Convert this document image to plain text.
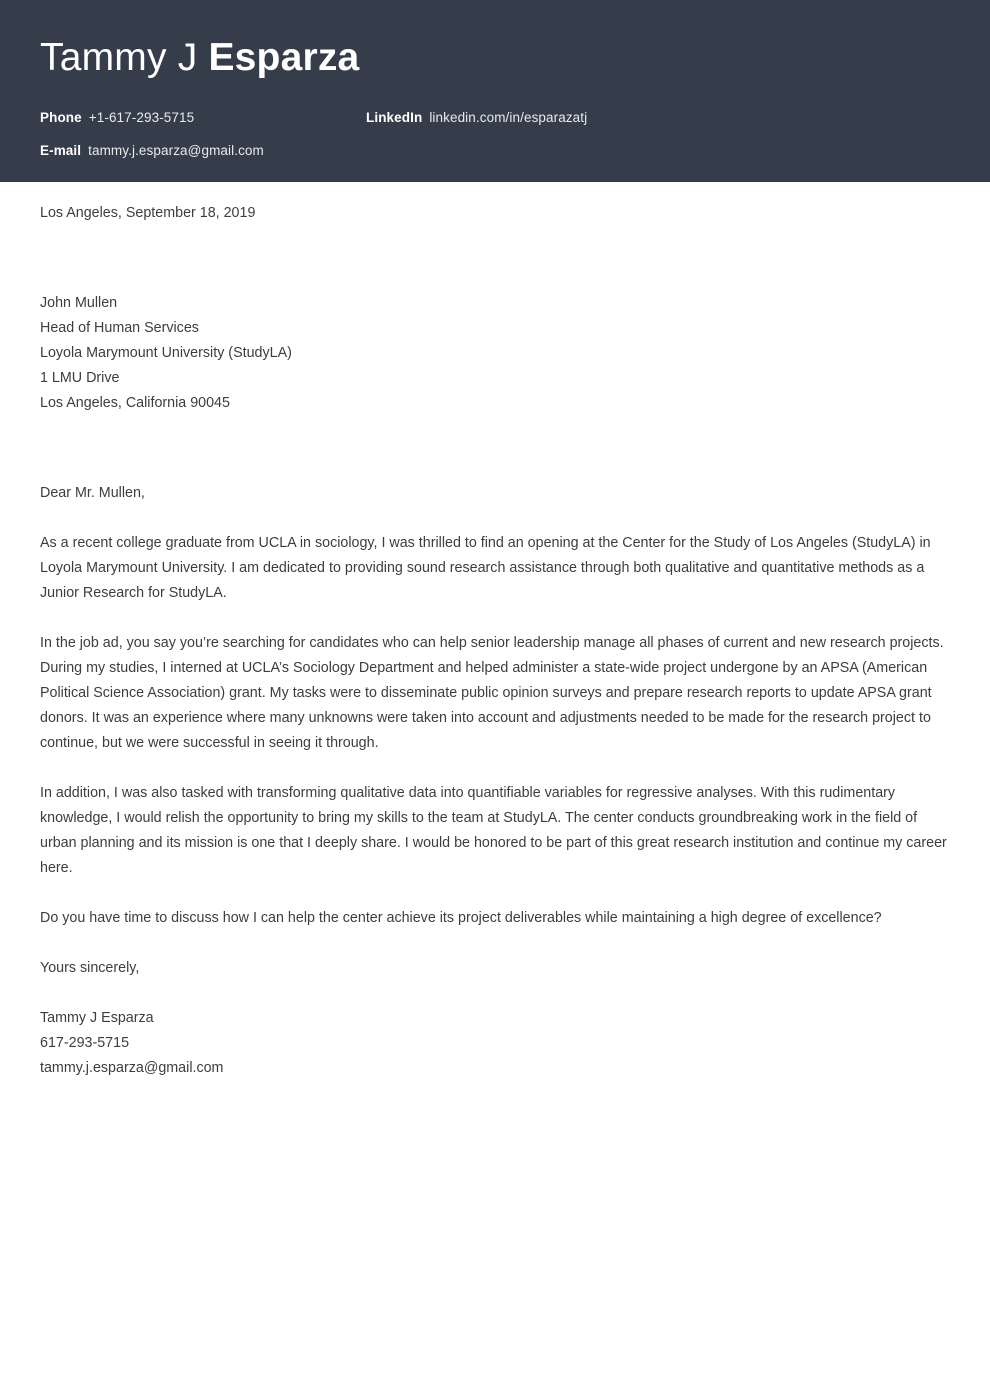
Tammy J Esparza
Phone +1-617-293-5715	LinkedIn linkedin.com/in/esparazatj
E-mail tammy.j.esparza@gmail.com
Los Angeles, September 18, 2019
John Mullen
Head of Human Services
Loyola Marymount University (StudyLA)
1 LMU Drive
Los Angeles, California 90045
Dear Mr. Mullen,

As a recent college graduate from UCLA in sociology, I was thrilled to find an opening at the Center for the Study of Los Angeles (StudyLA) in Loyola Marymount University. I am dedicated to providing sound research assistance through both qualitative and quantitative methods as a Junior Research for StudyLA.

In the job ad, you say you’re searching for candidates who can help senior leadership manage all phases of current and new research projects. During my studies, I interned at UCLA’s Sociology Department and helped administer a state-wide project undergone by an APSA (American Political Science Association) grant. My tasks were to disseminate public opinion surveys and prepare research reports to update APSA grant donors. It was an experience where many unknowns were taken into account and adjustments needed to be made for the research project to continue, but we were successful in seeing it through.

In addition, I was also tasked with transforming qualitative data into quantifiable variables for regressive analyses. With this rudimentary knowledge, I would relish the opportunity to bring my skills to the team at StudyLA. The center conducts groundbreaking work in the field of urban planning and its mission is one that I deeply share. I would be honored to be part of this great research institution and continue my career here.

Do you have time to discuss how I can help the center achieve its project deliverables while maintaining a high degree of excellence?

Yours sincerely,
Tammy J Esparza
617-293-5715
tammy.j.esparza@gmail.com
